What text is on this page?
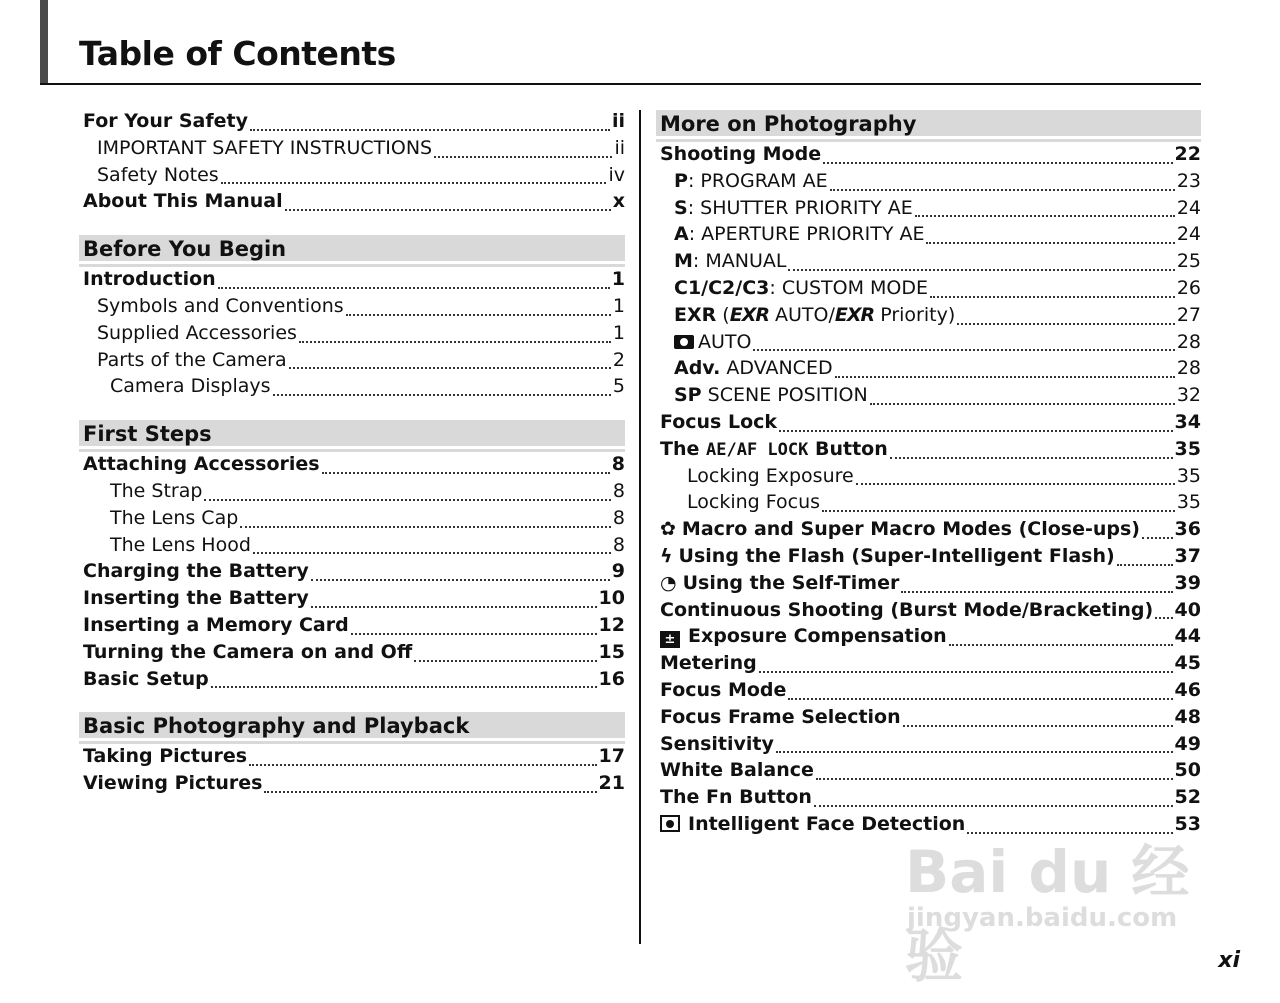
Table of Contents
For Your Safety	ii
IMPORTANT SAFETY INSTRUCTIONS	ii
Safety Notes	iv
About This Manual	x
Before You Begin
Introduction	1
Symbols and Conventions	1
Supplied Accessories	1
Parts of the Camera	2
Camera Displays	5
First Steps
Attaching Accessories	8
The Strap	8
The Lens Cap	8
The Lens Hood	8
Charging the Battery	9
Inserting the Battery	10
Inserting a Memory Card	12
Turning the Camera on and Off	15
Basic Setup	16
Basic Photography and Playback
Taking Pictures	17
Viewing Pictures	21
More on Photography
Shooting Mode	22
P: PROGRAM AE	23
S: SHUTTER PRIORITY AE	24
A: APERTURE PRIORITY AE	24
M: MANUAL	25
C1/C2/C3: CUSTOM MODE	26
EXR (EXR AUTO/EXR Priority)	27
AUTO	28
Adv. ADVANCED	28
SP SCENE POSITION	32
Focus Lock	34
The AE/AF LOCK Button	35
Locking Exposure	35
Locking Focus	35
✿ Macro and Super Macro Modes (Close-ups) 36
ϟ Using the Flash (Super-Intelligent Flash)	37
◔ Using the Self-Timer	39
Continuous Shooting (Burst Mode/Bracketing) 40
± Exposure Compensation	44
Metering	45
Focus Mode	46
Focus Frame Selection	48
Sensitivity	49
White Balance	50
The Fn Button	52
Intelligent Face Detection	53
Bai du 经验
jingyan.baidu.com
xi
